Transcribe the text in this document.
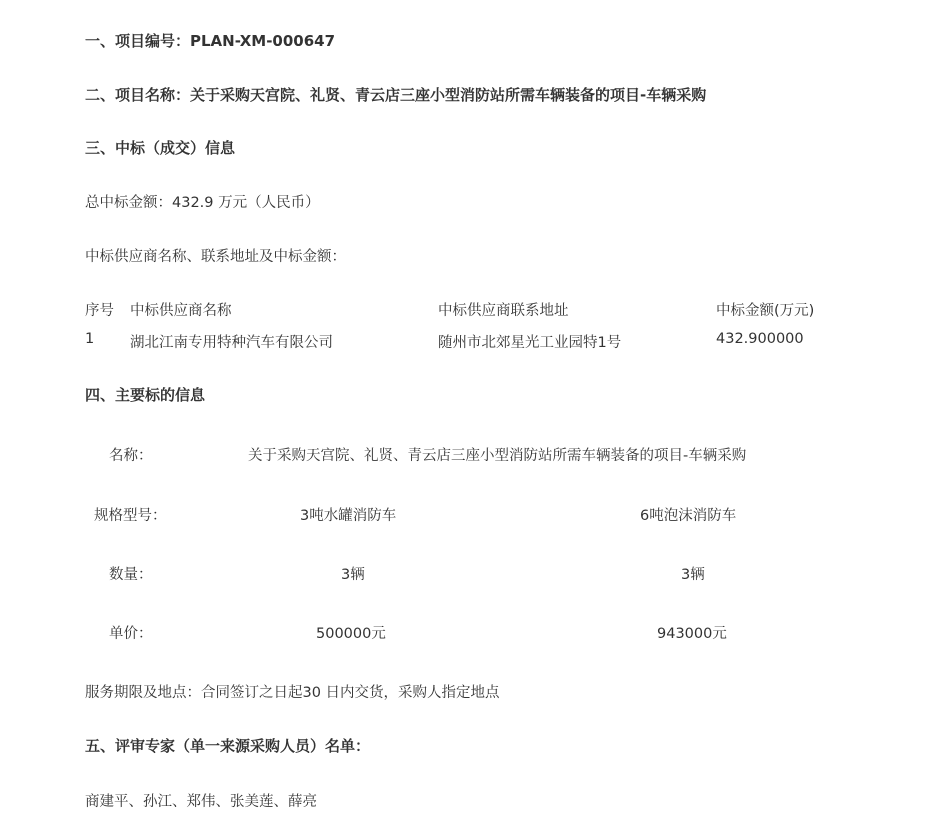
一、项目编号：PLAN-XM-000647
二、项目名称：关于采购天宫院、礼贤、青云店三座小型消防站所需车辆装备的项目-车辆采购
三、中标（成交）信息
总中标金额：432.9 万元（人民币）
中标供应商名称、联系地址及中标金额：
序号 中标供应商名称	中标供应商联系地址	中标金额(万元)
1 湖北江南专用特种汽车有限公司	随州市北郊星光工业园特1号	432.900000
四、主要标的信息
名称：	关于采购天宫院、礼贤、青云店三座小型消防站所需车辆装备的项目-车辆采购
规格型号：	3吨水罐消防车	6吨泡沫消防车
数量：	3辆	3辆
单价：	500000元	943000元
服务期限及地点：合同签订之日起30 日内交货，采购人指定地点
五、评审专家（单一来源采购人员）名单：
商建平、孙江、郑伟、张美莲、薛亮
